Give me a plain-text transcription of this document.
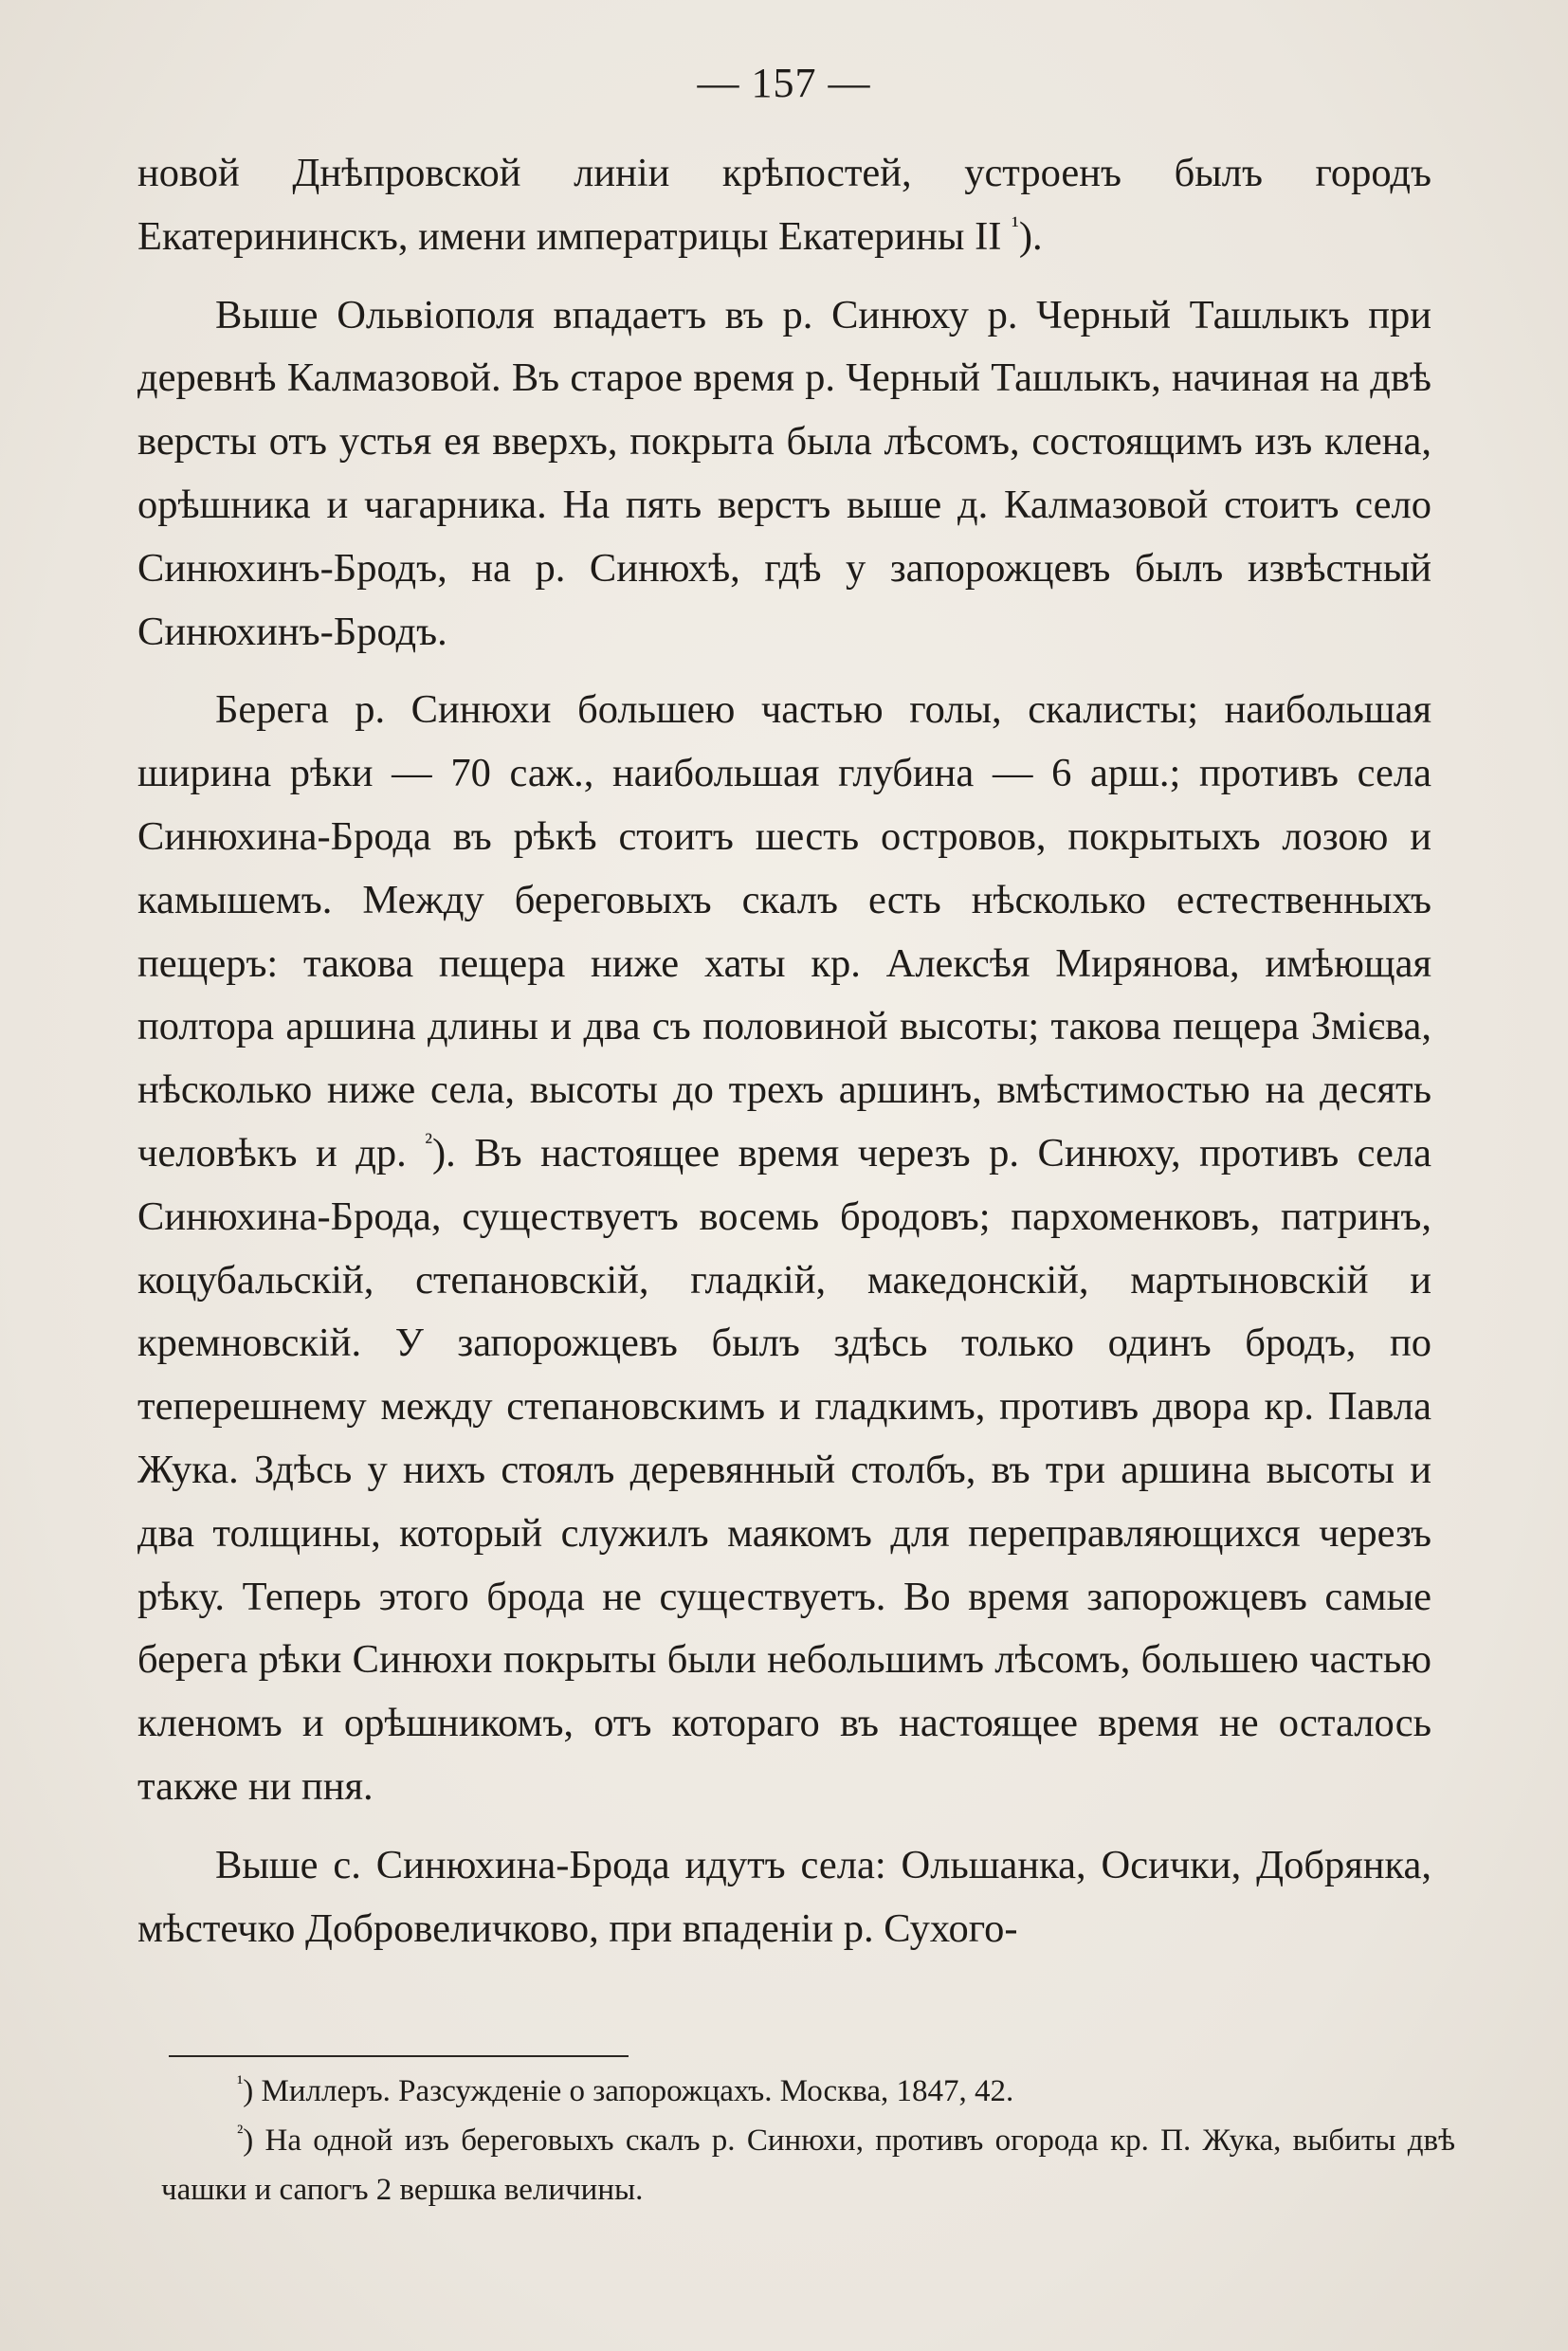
— 157 —

новой Днѣпровской линіи крѣпостей, устроенъ былъ городъ Екатерининскъ, имени императрицы Екатерины II $^{^1}$).

Выше Ольвіополя впадаетъ въ р. Синюху р. Черный Ташлыкъ при деревнѣ Калмазовой. Въ старое время р. Черный Ташлыкъ, начиная на двѣ версты отъ устья ея вверхъ, покрыта была лѣсомъ, состоящимъ изъ клена, орѣшника и чагарника. На пять верстъ выше д. Калмазовой стоитъ село Синюхинъ-Бродъ, на р. Синюхѣ, гдѣ у запорожцевъ былъ извѣстный Синюхинъ-Бродъ.

Берега р. Синюхи большею частью голы, скалисты; наибольшая ширина рѣки — 70 саж., наибольшая глубина — 6 арш.; противъ села Синюхина-Брода въ рѣкѣ стоитъ шесть островов, покрытыхъ лозою и камышемъ. Между береговыхъ скалъ есть нѣсколько естественныхъ пещеръ: такова пещера ниже хаты кр. Алексѣя Мирянова, имѣющая полтора аршина длины и два съ половиной высоты; такова пещера Змієва, нѣсколько ниже села, высоты до трехъ аршинъ, вмѣстимостью на десять человѣкъ и др. $^{^2}$). Въ настоящее время черезъ р. Синюху, противъ села Синюхина-Брода, существуетъ восемь бродовъ; пархоменковъ, патринъ, коцубальскій, степановскій, гладкій, македонскій, мартыновскій и кремновскій. У запорожцевъ былъ здѣсь только одинъ бродъ, по теперешнему между степановскимъ и гладкимъ, противъ двора кр. Павла Жука. Здѣсь у нихъ стоялъ деревянный столбъ, въ три аршина высоты и два толщины, который служилъ маякомъ для переправляющихся черезъ рѣку. Теперь этого брода не существуетъ. Во время запорожцевъ самые берега рѣки Синюхи покрыты были небольшимъ лѣсомъ, большею частью кленомъ и орѣшникомъ, отъ котораго въ настоящее время не осталось также ни пня.

Выше с. Синюхина-Брода идутъ села: Ольшанка, Осички, Добрянка, мѣстечко Добровеличково, при впаденіи р. Сухого-

$^{^1}$) Миллеръ. Разсужденіе о запорожцахъ. Москва, 1847, 42.

$^{^2}$) На одной изъ береговыхъ скалъ р. Синюхи, противъ огорода кр. П. Жука, выбиты двѣ чашки и сапогъ 2 вершка величины.
